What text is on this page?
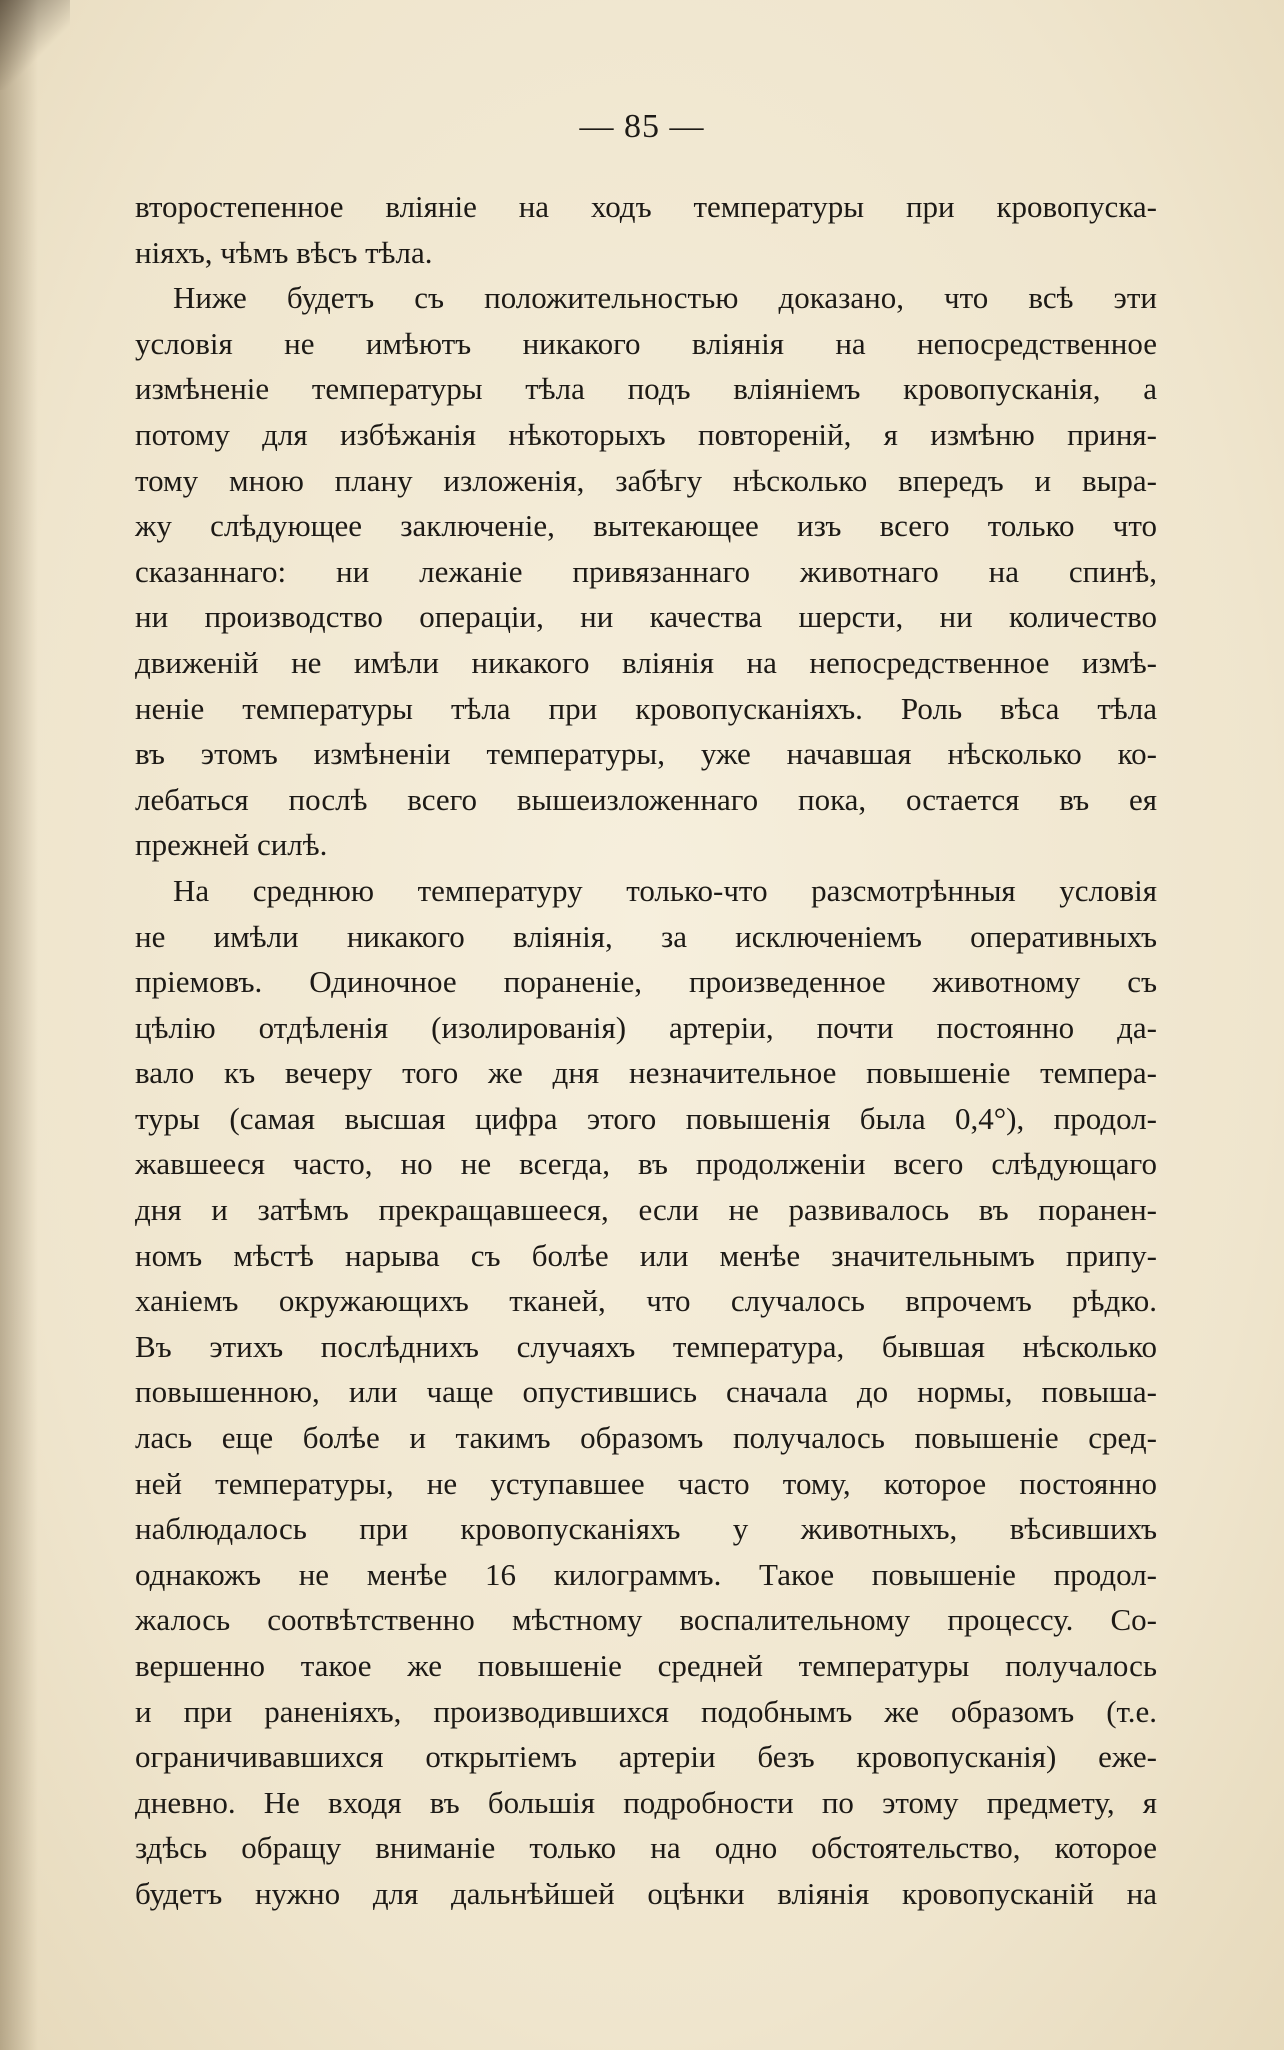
— 85 —
второстепенное вліяніе на ходъ температуры при кровопуска-
ніяхъ, чѣмъ вѣсъ тѣла.
Ниже будетъ съ положительностью доказано, что всѣ эти
условія не имѣютъ никакого вліянія на непосредственное
измѣненіе температуры тѣла подъ вліяніемъ кровопусканія, а
потому для избѣжанія нѣкоторыхъ повтореній, я измѣню приня-
тому мною плану изложенія, забѣгу нѣсколько впередъ и выра-
жу слѣдующее заключеніе, вытекающее изъ всего только что
сказаннаго: ни лежаніе привязаннаго животнаго на спинѣ,
ни производство операціи, ни качества шерсти, ни количество
движеній не имѣли никакого вліянія на непосредственное измѣ-
неніе температуры тѣла при кровопусканіяхъ. Роль вѣса тѣла
въ этомъ измѣненіи температуры, уже начавшая нѣсколько ко-
лебаться послѣ всего вышеизложеннаго пока, остается въ ея
прежней силѣ.
На среднюю температуру только-что разсмотрѣнныя условія
не имѣли никакого вліянія, за исключеніемъ оперативныхъ
пріемовъ. Одиночное пораненіе, произведенное животному съ
цѣлію отдѣленія (изолированія) артеріи, почти постоянно да-
вало къ вечеру того же дня незначительное повышеніе темпера-
туры (самая высшая цифра этого повышенія была 0,4°), продол-
жавшееся часто, но не всегда, въ продолженіи всего слѣдующаго
дня и затѣмъ прекращавшееся, если не развивалось въ поранен-
номъ мѣстѣ нарыва съ болѣе или менѣе значительнымъ припу-
ханіемъ окружающихъ тканей, что случалось впрочемъ рѣдко.
Въ этихъ послѣднихъ случаяхъ температура, бывшая нѣсколько
повышенною, или чаще опустившись сначала до нормы, повыша-
лась еще болѣе и такимъ образомъ получалось повышеніе сред-
ней температуры, не уступавшее часто тому, которое постоянно
наблюдалось при кровопусканіяхъ у животныхъ, вѣсившихъ
однакожъ не менѣе 16 килограммъ. Такое повышеніе продол-
жалось соотвѣтственно мѣстному воспалительному процессу. Со-
вершенно такое же повышеніе средней температуры получалось
и при раненіяхъ, производившихся подобнымъ же образомъ (т.е.
ограничивавшихся открытіемъ артеріи безъ кровопусканія) еже-
дневно. Не входя въ большія подробности по этому предмету, я
здѣсь обращу вниманіе только на одно обстоятельство, которое
будетъ нужно для дальнѣйшей оцѣнки вліянія кровопусканій на
